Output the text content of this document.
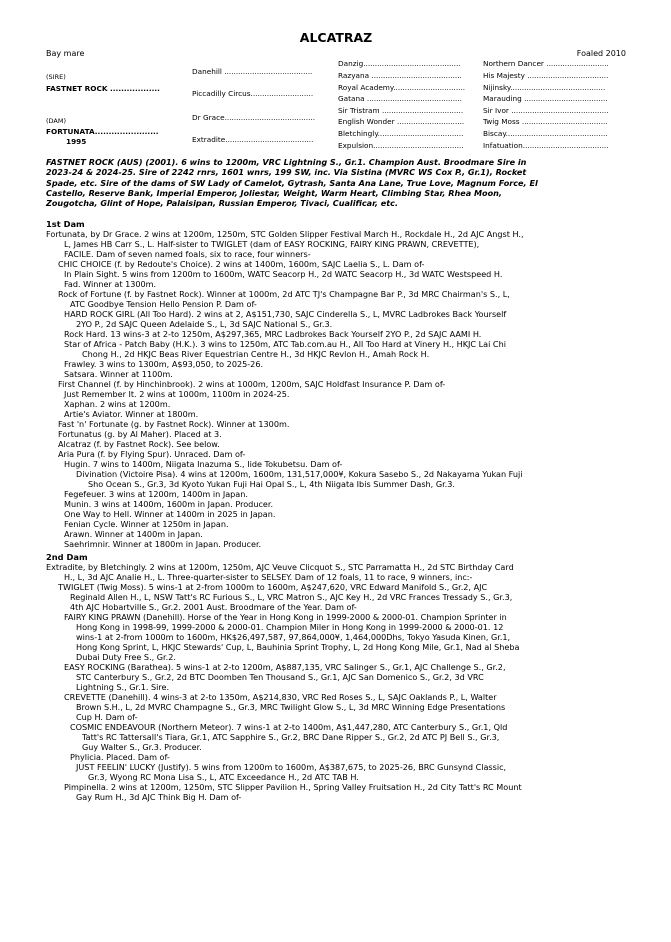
ALCATRAZ
Bay mare	Foaled 2010
(SIRE)
FASTNET ROCK ..................
(DAM)
FORTUNATA.......................
1995
Danehill ......................................
Piccadilly Circus...........................
Dr Grace.......................................
Extradite......................................
Danzig..........................................
Razyana .......................................
Royal Academy...............................
Gatana .........................................
Sir Tristram ...................................
English Wonder .............................
Bletchingly.....................................
Expulsion.......................................
Northern Dancer ...........................
His Majesty ...................................
Nijinsky.........................................
Marauding ....................................
Sir Ivor ..........................................
Twig Moss .....................................
Biscay............................................
Infatuation.....................................
FASTNET ROCK (AUS) (2001). 6 wins to 1200m, VRC Lightning S., Gr.1. Champion Aust. Broodmare Sire in
2023-24 & 2024-25. Sire of 2242 rnrs, 1601 wnrs, 199 SW, inc. Via Sistina (MVRC WS Cox P., Gr.1), Rocket
Spade, etc. Sire of the dams of SW Lady of Camelot, Gytrash, Santa Ana Lane, True Love, Magnum Force, El
Castello, Reserve Bank, Imperial Emperor, Joliestar, Weight, Warm Heart, Climbing Star, Rhea Moon,
Zougotcha, Glint of Hope, Palaisipan, Russian Emperor, Tivaci, Cualificar, etc.
1st Dam
Fortunata, by Dr Grace. 2 wins at 1200m, 1250m, STC Golden Slipper Festival March H., Rockdale H., 2d AJC Angst H.,
L, James HB Carr S., L. Half-sister to TWIGLET (dam of EASY ROCKING, FAIRY KING PRAWN, CREVETTE),
FACILE. Dam of seven named foals, six to race, four winners-
CHIC CHOICE (f. by Redoute's Choice). 2 wins at 1400m, 1600m, SAJC Laelia S., L. Dam of-
In Plain Sight. 5 wins from 1200m to 1600m, WATC Seacorp H., 2d WATC Seacorp H., 3d WATC Westspeed H.
Fad. Winner at 1300m.
Rock of Fortune (f. by Fastnet Rock). Winner at 1000m, 2d ATC TJ's Champagne Bar P., 3d MRC Chairman's S., L,
ATC Goodbye Tension Hello Pension P. Dam of-
HARD ROCK GIRL (All Too Hard). 2 wins at 2, A$151,730, SAJC Cinderella S., L, MVRC Ladbrokes Back Yourself
2YO P., 2d SAJC Queen Adelaide S., L, 3d SAJC National S., Gr.3.
Rock Hard. 13 wins-3 at 2-to 1250m, A$297,365, MRC Ladbrokes Back Yourself 2YO P., 2d SAJC AAMI H.
Star of Africa - Patch Baby (H.K.). 3 wins to 1250m, ATC Tab.com.au H., All Too Hard at Vinery H., HKJC Lai Chi
Chong H., 2d HKJC Beas River Equestrian Centre H., 3d HKJC Revlon H., Amah Rock H.
Frawley. 3 wins to 1300m, A$93,050, to 2025-26.
Satsara. Winner at 1100m.
First Channel (f. by Hinchinbrook). 2 wins at 1000m, 1200m, SAJC Holdfast Insurance P. Dam of-
Just Remember It. 2 wins at 1000m, 1100m in 2024-25.
Xaphan. 2 wins at 1200m.
Artie's Aviator. Winner at 1800m.
Fast 'n' Fortunate (g. by Fastnet Rock). Winner at 1300m.
Fortunatus (g. by Al Maher). Placed at 3.
Alcatraz (f. by Fastnet Rock). See below.
Aria Pura (f. by Flying Spur). Unraced. Dam of-
Hugin. 7 wins to 1400m, Niigata Inazuma S., Iide Tokubetsu. Dam of-
Divination (Victoire Pisa). 4 wins at 1200m, 1600m, 131,517,000¥, Kokura Sasebo S., 2d Nakayama Yukan Fuji
Sho Ocean S., Gr.3, 3d Kyoto Yukan Fuji Hai Opal S., L, 4th Niigata Ibis Summer Dash, Gr.3.
Fegefeuer. 3 wins at 1200m, 1400m in Japan.
Munin. 3 wins at 1400m, 1600m in Japan. Producer.
One Way to Hell. Winner at 1400m in 2025 in Japan.
Fenian Cycle. Winner at 1250m in Japan.
Arawn. Winner at 1400m in Japan.
Saehrimnir. Winner at 1800m in Japan. Producer.
2nd Dam
Extradite, by Bletchingly. 2 wins at 1200m, 1250m, AJC Veuve Clicquot S., STC Parramatta H., 2d STC Birthday Card
H., L, 3d AJC Analie H., L. Three-quarter-sister to SELSEY. Dam of 12 foals, 11 to race, 9 winners, inc:-
TWIGLET (Twig Moss). 5 wins-1 at 2-from 1000m to 1600m, A$247,620, VRC Edward Manifold S., Gr.2, AJC
Reginald Allen H., L, NSW Tatt's RC Furious S., L, VRC Matron S., AJC Key H., 2d VRC Frances Tressady S., Gr.3,
4th AJC Hobartville S., Gr.2. 2001 Aust. Broodmare of the Year. Dam of-
FAIRY KING PRAWN (Danehill). Horse of the Year in Hong Kong in 1999-2000 & 2000-01. Champion Sprinter in
Hong Kong in 1998-99, 1999-2000 & 2000-01. Champion Miler in Hong Kong in 1999-2000 & 2000-01. 12
wins-1 at 2-from 1000m to 1600m, HK$26,497,587, 97,864,000¥, 1,464,000Dhs, Tokyo Yasuda Kinen, Gr.1,
Hong Kong Sprint, L, HKJC Stewards' Cup, L, Bauhinia Sprint Trophy, L, 2d Hong Kong Mile, Gr.1, Nad al Sheba
Dubai Duty Free S., Gr.2.
EASY ROCKING (Barathea). 5 wins-1 at 2-to 1200m, A$887,135, VRC Salinger S., Gr.1, AJC Challenge S., Gr.2,
STC Canterbury S., Gr.2, 2d BTC Doomben Ten Thousand S., Gr.1, AJC San Domenico S., Gr.2, 3d VRC
Lightning S., Gr.1. Sire.
CREVETTE (Danehill). 4 wins-3 at 2-to 1350m, A$214,830, VRC Red Roses S., L, SAJC Oaklands P., L, Walter
Brown S.H., L, 2d MVRC Champagne S., Gr.3, MRC Twilight Glow S., L, 3d MRC Winning Edge Presentations
Cup H. Dam of-
COSMIC ENDEAVOUR (Northern Meteor). 7 wins-1 at 2-to 1400m, A$1,447,280, ATC Canterbury S., Gr.1, Qld
Tatt's RC Tattersall's Tiara, Gr.1, ATC Sapphire S., Gr.2, BRC Dane Ripper S., Gr.2, 2d ATC PJ Bell S., Gr.3,
Guy Walter S., Gr.3. Producer.
Phylicia. Placed. Dam of-
JUST FEELIN' LUCKY (Justify). 5 wins from 1200m to 1600m, A$387,675, to 2025-26, BRC Gunsynd Classic,
Gr.3, Wyong RC Mona Lisa S., L, ATC Exceedance H., 2d ATC TAB H.
Pimpinella. 2 wins at 1200m, 1250m, STC Slipper Pavilion H., Spring Valley Fruitsation H., 2d City Tatt's RC Mount
Gay Rum H., 3d AJC Think Big H. Dam of-
